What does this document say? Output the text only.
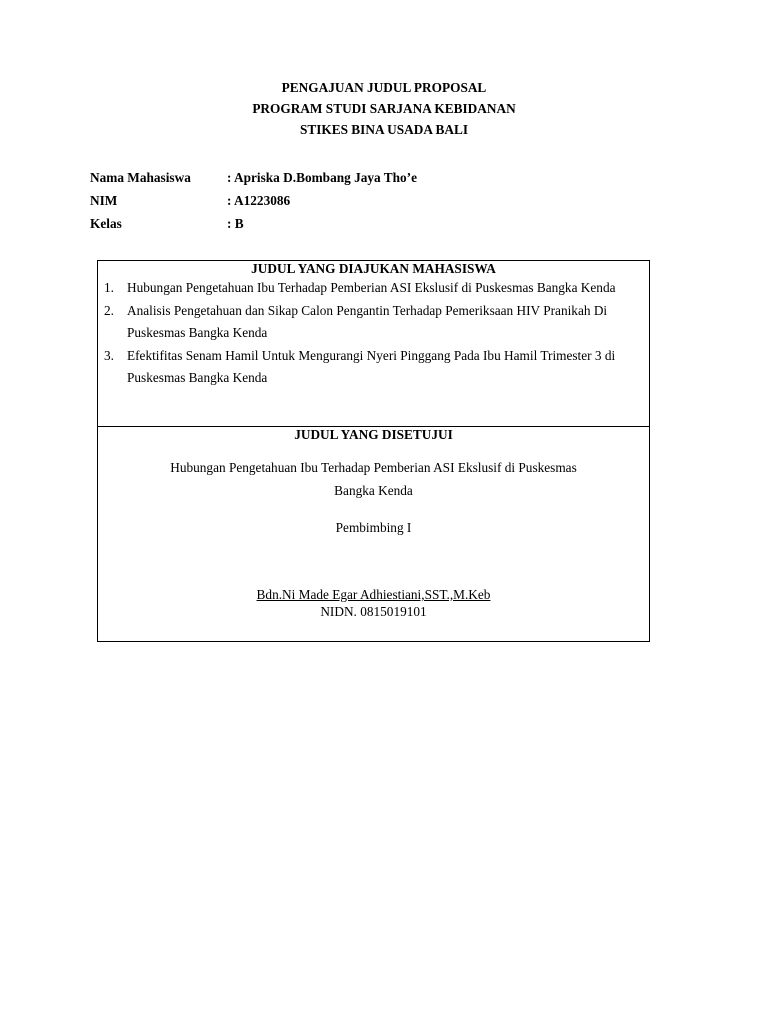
PENGAJUAN JUDUL PROPOSAL
PROGRAM STUDI SARJANA KEBIDANAN
STIKES BINA USADA BALI
Nama Mahasiswa	: Apriska D.Bombang Jaya Tho’e
NIM	: A1223086
Kelas	: B
JUDUL YANG DIAJUKAN MAHASISWA
1. Hubungan Pengetahuan Ibu Terhadap Pemberian ASI Ekslusif di Puskesmas Bangka Kenda
2. Analisis Pengetahuan dan Sikap Calon Pengantin Terhadap Pemeriksaan HIV Pranikah Di Puskesmas Bangka Kenda
3. Efektifitas Senam Hamil Untuk Mengurangi Nyeri Pinggang Pada Ibu Hamil Trimester 3 di Puskesmas Bangka Kenda
JUDUL YANG DISETUJUI
Hubungan Pengetahuan Ibu Terhadap Pemberian ASI Ekslusif di Puskesmas Bangka Kenda
Pembimbing I
Bdn.Ni Made Egar Adhiestiani,SST.,M.Keb
NIDN. 0815019101
